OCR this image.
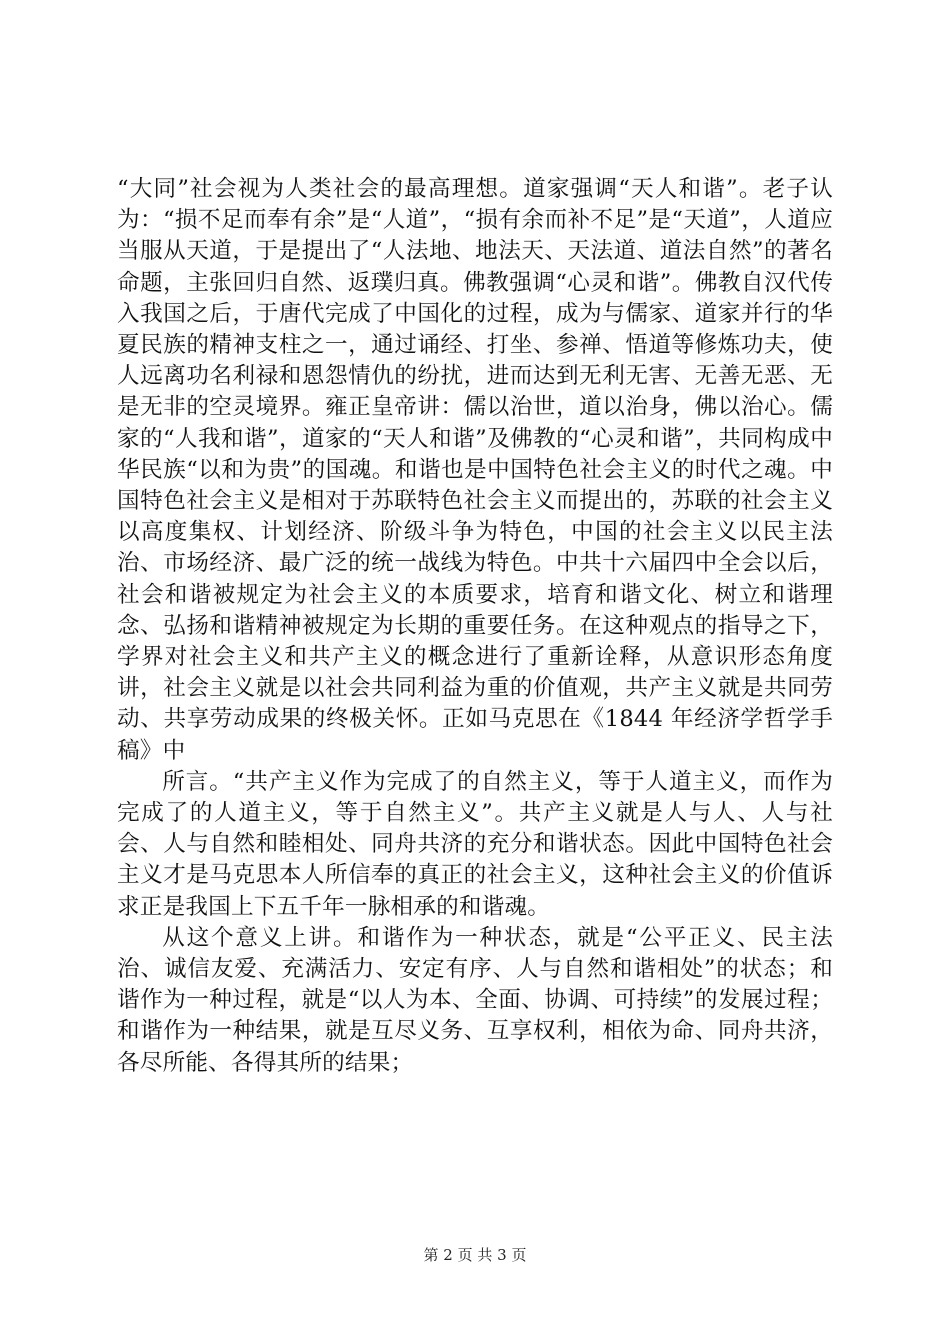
“大同”社会视为人类社会的最高理想。道家强调“天人和谐”。老子认为：“损不足而奉有余”是“人道”，“损有余而补不足”是“天道”，人道应当服从天道，于是提出了“人法地、地法天、天法道、道法自然”的著名命题，主张回归自然、返璞归真。佛教强调“心灵和谐”。佛教自汉代传入我国之后，于唐代完成了中国化的过程，成为与儒家、道家并行的华夏民族的精神支柱之一，通过诵经、打坐、参禅、悟道等修炼功夫，使人远离功名利禄和恩怨情仇的纷扰，进而达到无利无害、无善无恶、无是无非的空灵境界。雍正皇帝讲：儒以治世，道以治身，佛以治心。儒家的“人我和谐”，道家的“天人和谐”及佛教的“心灵和谐”，共同构成中华民族“以和为贵”的国魂。和谐也是中国特色社会主义的时代之魂。中国特色社会主义是相对于苏联特色社会主义而提出的，苏联的社会主义以高度集权、计划经济、阶级斗争为特色，中国的社会主义以民主法治、市场经济、最广泛的统一战线为特色。中共十六届四中全会以后，社会和谐被规定为社会主义的本质要求，培育和谐文化、树立和谐理念、弘扬和谐精神被规定为长期的重要任务。在这种观点的指导之下，学界对社会主义和共产主义的概念进行了重新诠释，从意识形态角度讲，社会主义就是以社会共同利益为重的价值观，共产主义就是共同劳动、共享劳动成果的终极关怀。正如马克思在《1844 年经济学哲学手稿》中

所言。“共产主义作为完成了的自然主义，等于人道主义，而作为完成了的人道主义，等于自然主义”。共产主义就是人与人、人与社会、人与自然和睦相处、同舟共济的充分和谐状态。因此中国特色社会主义才是马克思本人所信奉的真正的社会主义，这种社会主义的价值诉求正是我国上下五千年一脉相承的和谐魂。

从这个意义上讲。和谐作为一种状态，就是“公平正义、民主法治、诚信友爱、充满活力、安定有序、人与自然和谐相处”的状态；和谐作为一种过程，就是“以人为本、全面、协调、可持续”的发展过程；和谐作为一种结果，就是互尽义务、互享权利，相依为命、同舟共济，各尽所能、各得其所的结果；

第 2 页 共 3 页
